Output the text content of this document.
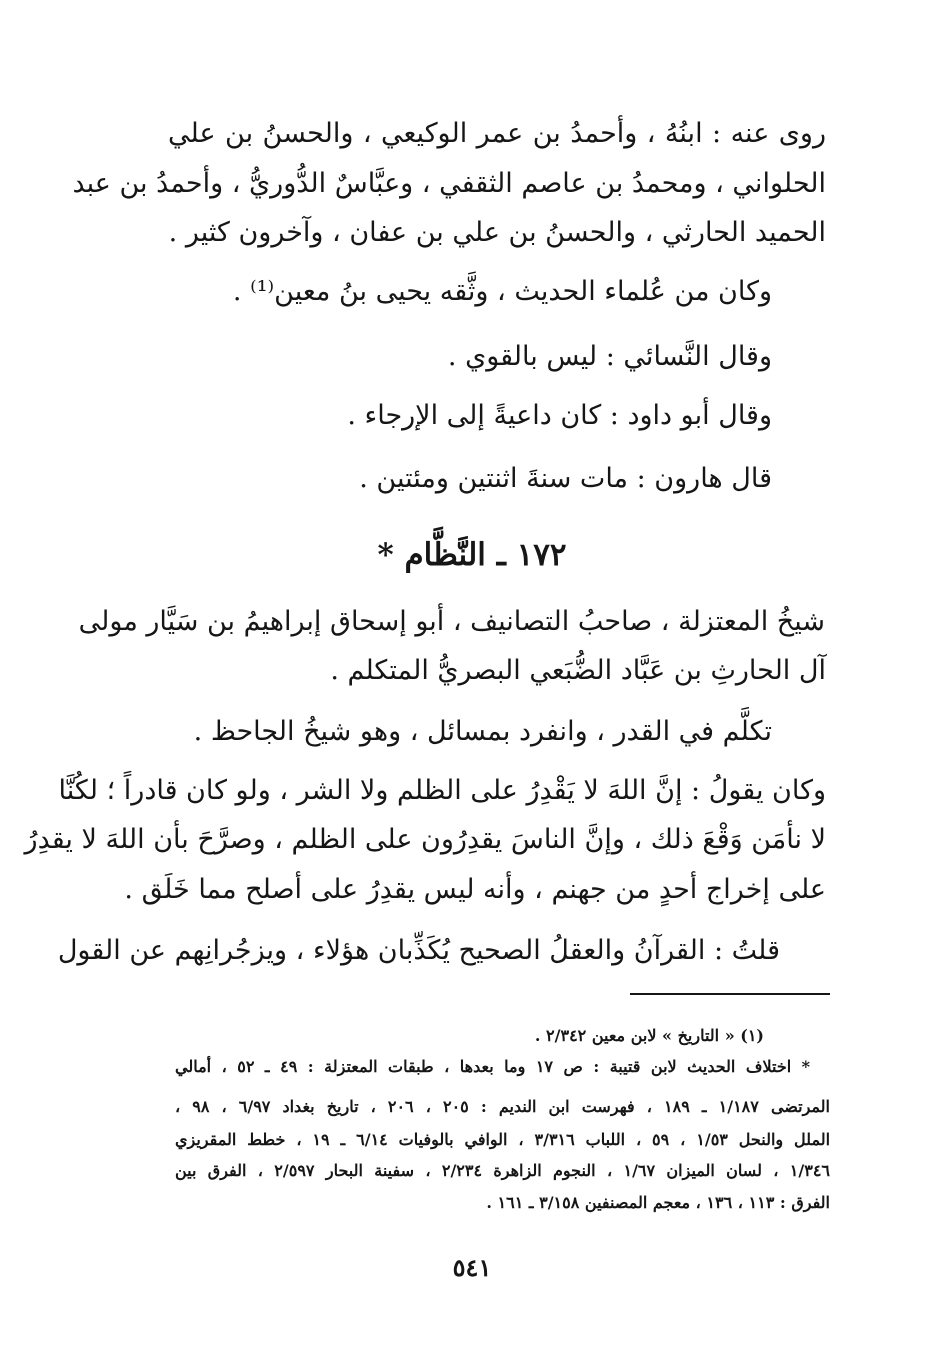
روى عنه : ابنُهُ ، وأحمدُ بن عمر الوكيعي ، والحسنُ بن علي
الحلواني ، ومحمدُ بن عاصم الثقفي ، وعبَّاسٌ الدُّوريُّ ، وأحمدُ بن عبد
الحميد الحارثي ، والحسنُ بن علي بن عفان ، وآخرون كثير .
وكان من عُلماء الحديث ، وثَّقه يحيى بنُ معين⁽¹⁾ .
وقال النَّسائي : ليس بالقوي .
وقال أبو داود : كان داعيةً إلى الإرجاء .
قال هارون : مات سنةَ اثنتين ومئتين .
١٧٢ ـ النَّظَّام *
شيخُ المعتزلة ، صاحبُ التصانيف ، أبو إسحاق إبراهيمُ بن سَيَّار مولى
آل الحارثِ بن عَبَّاد الضُّبَعي البصريُّ المتكلم .
تكلَّم في القدر ، وانفرد بمسائل ، وهو شيخُ الجاحظ .
وكان يقولُ : إنَّ اللهَ لا يَقْدِرُ على الظلم ولا الشر ، ولو كان قادراً ؛ لكُنَّا
لا نأمَن وَقْعَ ذلك ، وإنَّ الناسَ يقدِرُون على الظلم ، وصرَّحَ بأن اللهَ لا يقدِرُ
على إخراج أحدٍ من جهنم ، وأنه ليس يقدِرُ على أصلح مما خَلَق .
قلتُ : القرآنُ والعقلُ الصحيح يُكَذِّبان هؤلاء ، ويزجُرانِهم عن القول
(١) « التاريخ » لابن معين ٢/٣٤٢ .
* اختلاف الحديث لابن قتيبة : ص ١٧ وما بعدها ، طبقات المعتزلة : ٤٩ ـ ٥٢ ، أمالي
المرتضى ١/١٨٧ ـ ١٨٩ ، فهرست ابن النديم : ٢٠٥ ، ٢٠٦ ، تاريخ بغداد ٦/٩٧ ، ٩٨ ،
الملل والنحل ١/٥٣ ، ٥٩ ، اللباب ٣/٣١٦ ، الوافي بالوفيات ٦/١٤ ـ ١٩ ، خطط المقريزي
١/٣٤٦ ، لسان الميزان ١/٦٧ ، النجوم الزاهرة ٢/٢٣٤ ، سفينة البحار ٢/٥٩٧ ، الفرق بين
الفرق : ١١٣ ، ١٣٦ ، معجم المصنفين ٣/١٥٨ ـ ١٦١ .
٥٤١
